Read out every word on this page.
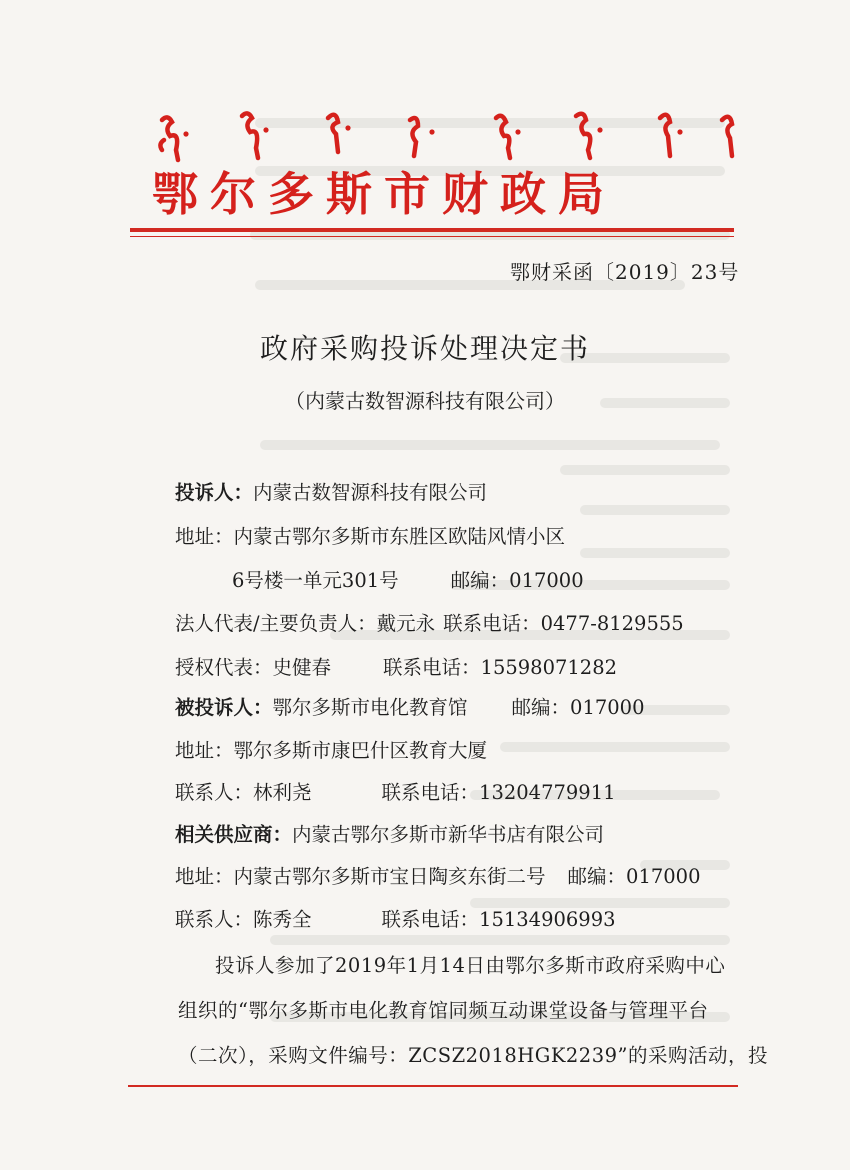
鄂尔多斯市财政局
鄂财采函〔2019〕23号
政府采购投诉处理决定书
（内蒙古数智源科技有限公司）
投诉人：内蒙古数智源科技有限公司
地址：内蒙古鄂尔多斯市东胜区欧陆风情小区
6号楼一单元301号	邮编：017000
法人代表/主要负责人：戴元永 联系电话：0477-8129555
授权代表：史健春	联系电话：15598071282
被投诉人：鄂尔多斯市电化教育馆 邮编：017000
地址：鄂尔多斯市康巴什区教育大厦
联系人：林利尧	联系电话：13204779911
相关供应商：内蒙古鄂尔多斯市新华书店有限公司
地址：内蒙古鄂尔多斯市宝日陶亥东街二号 邮编：017000
联系人：陈秀全	联系电话：15134906993
投诉人参加了2019年1月14日由鄂尔多斯市政府采购中心
组织的“鄂尔多斯市电化教育馆同频互动课堂设备与管理平台
（二次），采购文件编号：ZCSZ2018HGK2239”的采购活动，投
